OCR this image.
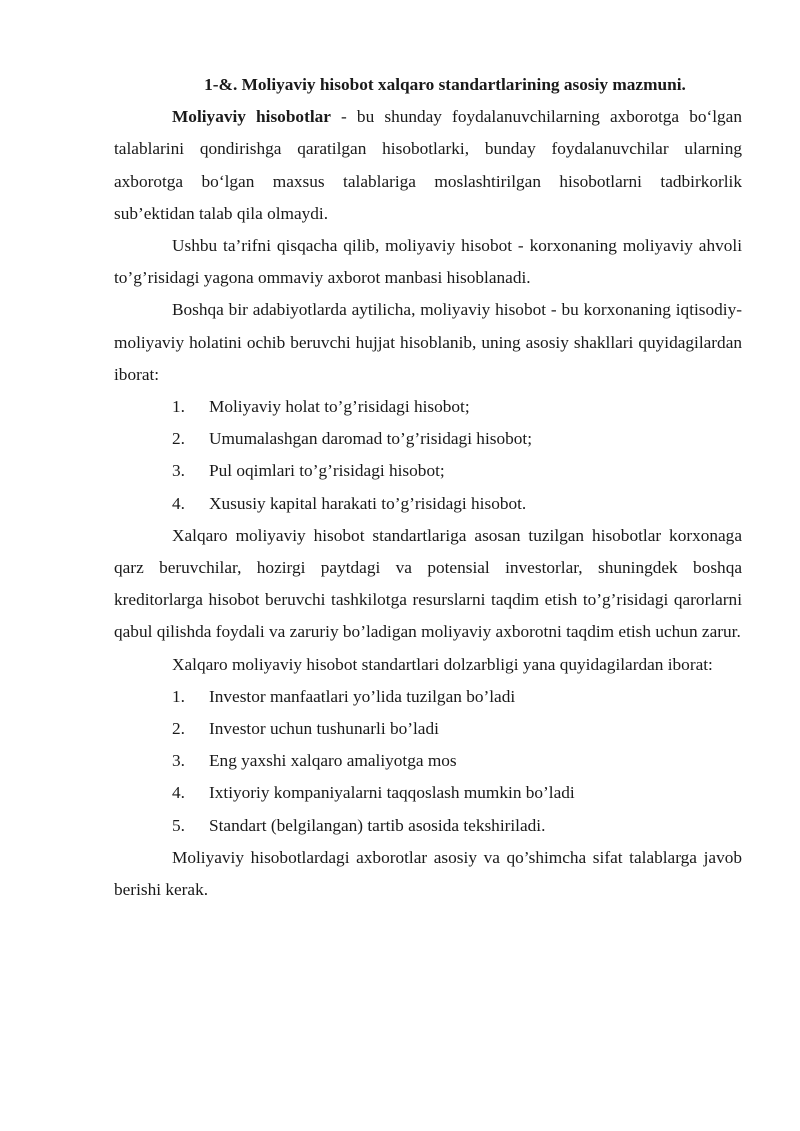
1-&. Moliyaviy hisobot xalqaro standartlarining asosiy mazmuni.

Moliyaviy hisobotlar - bu shunday foydalanuvchilarning axborotga bo‘lgan talablarini qondirishga qaratilgan hisobotlarki, bunday foydalanuvchilar ularning axborotga bo‘lgan maxsus talablariga moslashtirilgan hisobotlarni tadbirkorlik sub’ektidan talab qila olmaydi.

Ushbu ta’rifni qisqacha qilib, moliyaviy hisobot - korxonaning moliyaviy ahvoli to’g’risidagi yagona ommaviy axborot manbasi hisoblanadi.

Boshqa bir adabiyotlarda aytilicha, moliyaviy hisobot - bu korxonaning iqtisodiy-moliyaviy holatini ochib beruvchi hujjat hisoblanib, uning asosiy shakllari quyidagilardan iborat:

1.	Moliyaviy holat to’g’risidagi hisobot;
2.	Umumalashgan daromad to’g’risidagi hisobot;
3.	Pul oqimlari to’g’risidagi hisobot;
4.	Xususiy kapital harakati to’g’risidagi hisobot.

Xalqaro moliyaviy hisobot standartlariga asosan tuzilgan hisobotlar korxonaga qarz beruvchilar, hozirgi paytdagi va potensial investorlar, shuningdek boshqa kreditorlarga hisobot beruvchi tashkilotga resurslarni taqdim etish to’g’risidagi qarorlarni qabul qilishda foydali va zaruriy bo’ladigan moliyaviy axborotni taqdim etish uchun zarur.

Xalqaro moliyaviy hisobot standartlari dolzarbligi yana quyidagilardan iborat:

1.	Investor manfaatlari yo’lida tuzilgan bo’ladi
2.	Investor uchun tushunarli bo’ladi
3.	Eng yaxshi xalqaro amaliyotga mos
4.	Ixtiyoriy kompaniyalarni taqqoslash mumkin bo’ladi
5.	Standart (belgilangan) tartib asosida tekshiriladi.

Moliyaviy hisobotlardagi axborotlar asosiy va qo’shimcha sifat talablarga javob berishi kerak.
